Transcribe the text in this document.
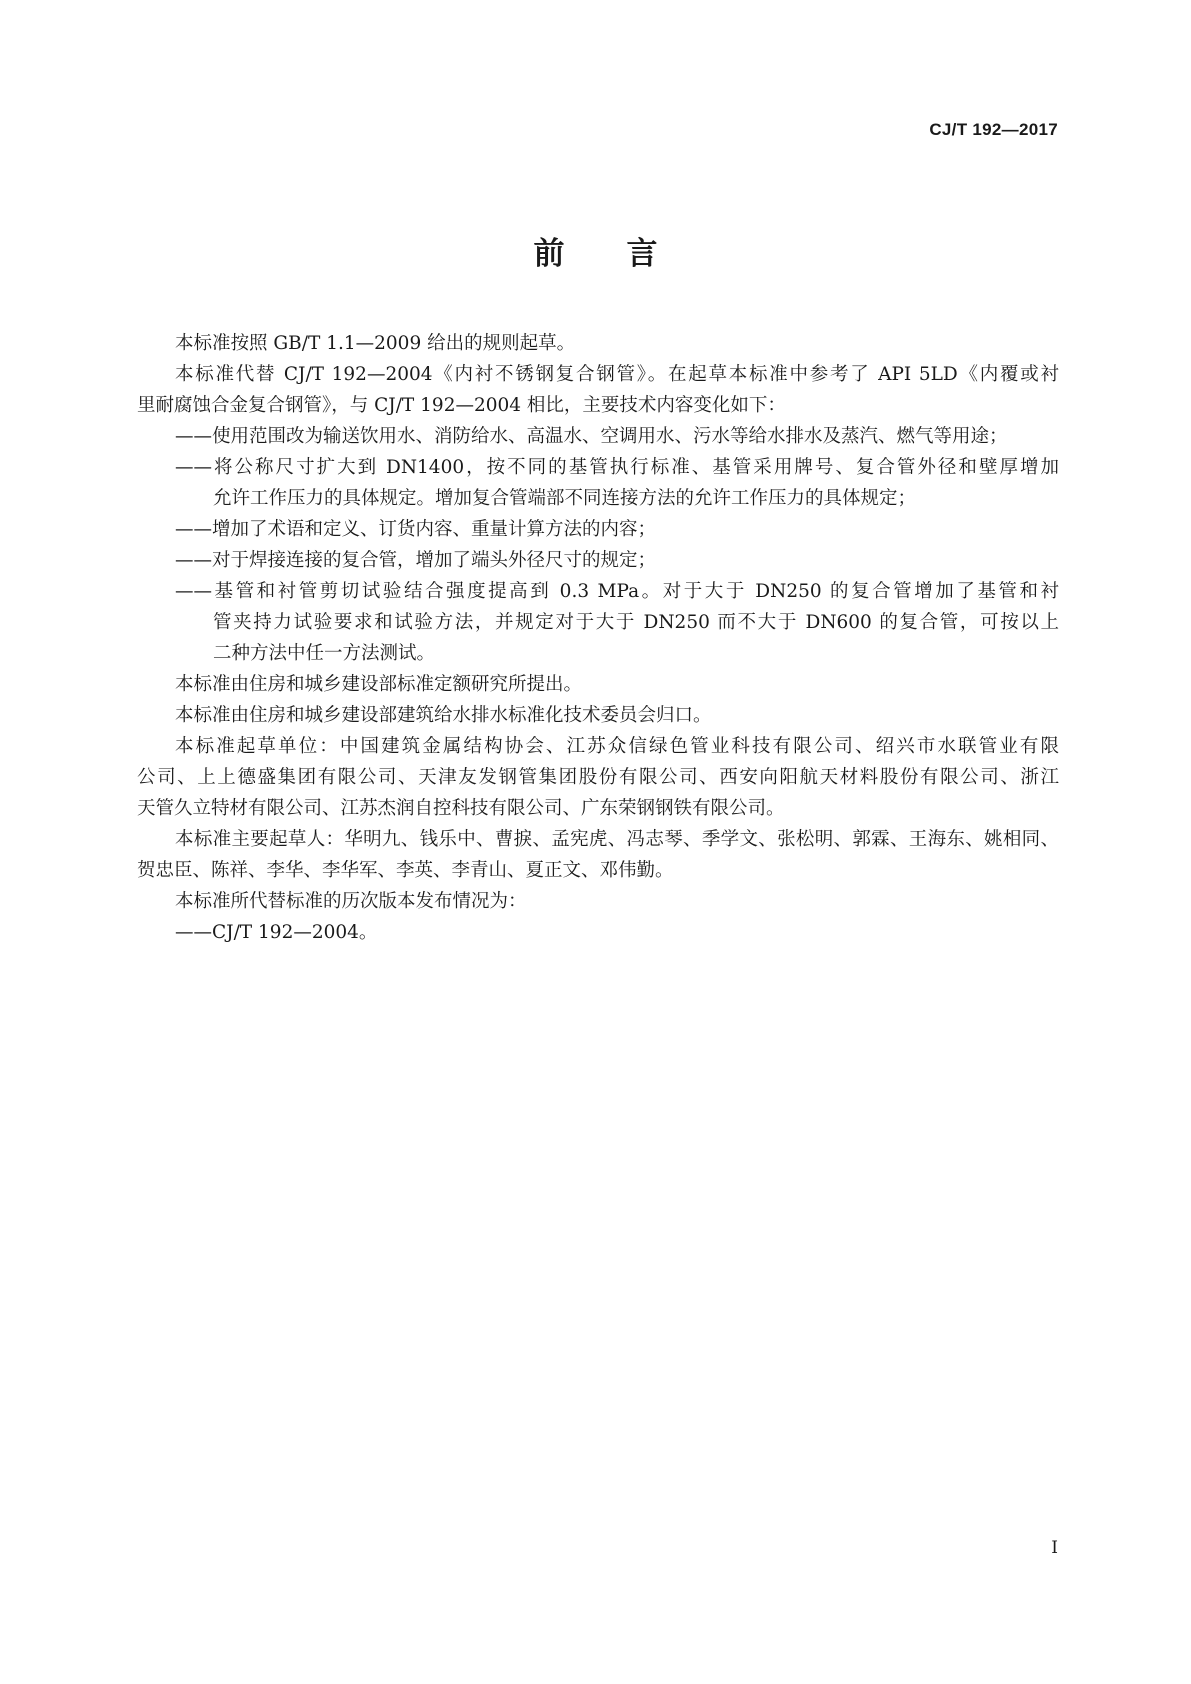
CJ/T 192—2017
前言
本标准按照 GB/T 1.1—2009 给出的规则起草。
本标准代替 CJ/T 192—2004《内衬不锈钢复合钢管》。在起草本标准中参考了 API 5LD《内覆或衬
里耐腐蚀合金复合钢管》，与 CJ/T 192—2004 相比，主要技术内容变化如下：
——使用范围改为输送饮用水、消防给水、高温水、空调用水、污水等给水排水及蒸汽、燃气等用途；
——将公称尺寸扩大到 DN1400，按不同的基管执行标准、基管采用牌号、复合管外径和壁厚增加
允许工作压力的具体规定。增加复合管端部不同连接方法的允许工作压力的具体规定；
——增加了术语和定义、订货内容、重量计算方法的内容；
——对于焊接连接的复合管，增加了端头外径尺寸的规定；
——基管和衬管剪切试验结合强度提高到 0.3 MPa。对于大于 DN250 的复合管增加了基管和衬
管夹持力试验要求和试验方法，并规定对于大于 DN250 而不大于 DN600 的复合管，可按以上
二种方法中任一方法测试。
本标准由住房和城乡建设部标准定额研究所提出。
本标准由住房和城乡建设部建筑给水排水标准化技术委员会归口。
本标准起草单位：中国建筑金属结构协会、江苏众信绿色管业科技有限公司、绍兴市水联管业有限
公司、上上德盛集团有限公司、天津友发钢管集团股份有限公司、西安向阳航天材料股份有限公司、浙江
天管久立特材有限公司、江苏杰润自控科技有限公司、广东荣钢钢铁有限公司。
本标准主要起草人：华明九、钱乐中、曹捩、孟宪虎、冯志琴、季学文、张松明、郭霖、王海东、姚相同、
贺忠臣、陈祥、李华、李华军、李英、李青山、夏正文、邓伟勤。
本标准所代替标准的历次版本发布情况为：
——CJ/T 192—2004。
I
